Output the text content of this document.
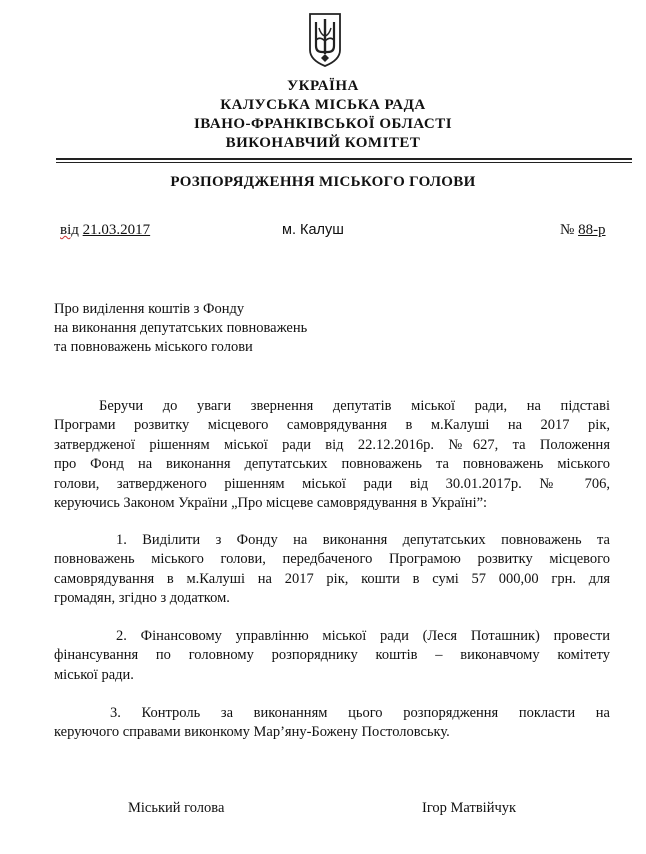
УКРАЇНА
КАЛУСЬКА МІСЬКА РАДА
ІВАНО-ФРАНКІВСЬКОЇ ОБЛАСТІ
ВИКОНАВЧИЙ КОМІТЕТ
РОЗПОРЯДЖЕННЯ МІСЬКОГО ГОЛОВИ
від 21.03.2017	м. Калуш	№ 88-р
Про виділення коштів з Фонду
на виконання депутатських повноважень
та повноважень міського голови
Беручи до уваги звернення депутатів міської ради, на підставі
Програми розвитку місцевого самоврядування в м.Калуші на 2017 рік,
затвердженої рішенням міської ради від 22.12.2016р. №627, та Положення
про Фонд на виконання депутатських повноважень та повноважень міського
голови, затвердженого рішенням міської ради від 30.01.2017р. № 706,
керуючись Законом України „Про місцеве самоврядування в Україні”:
1. Виділити з Фонду на виконання депутатських повноважень та
повноважень міського голови, передбаченого Програмою розвитку місцевого
самоврядування в м.Калуші на 2017 рік, кошти в сумі 57 000,00 грн. для
громадян, згідно з додатком.
2. Фінансовому управлінню міської ради (Леся Поташник) провести
фінансування по головному розпоряднику коштів – виконавчому комітету
міської ради.
3. Контроль за виконанням цього розпорядження покласти на
керуючого справами виконкому Мар’яну-Божену Постоловську.
Міський голова	Ігор Матвійчук
